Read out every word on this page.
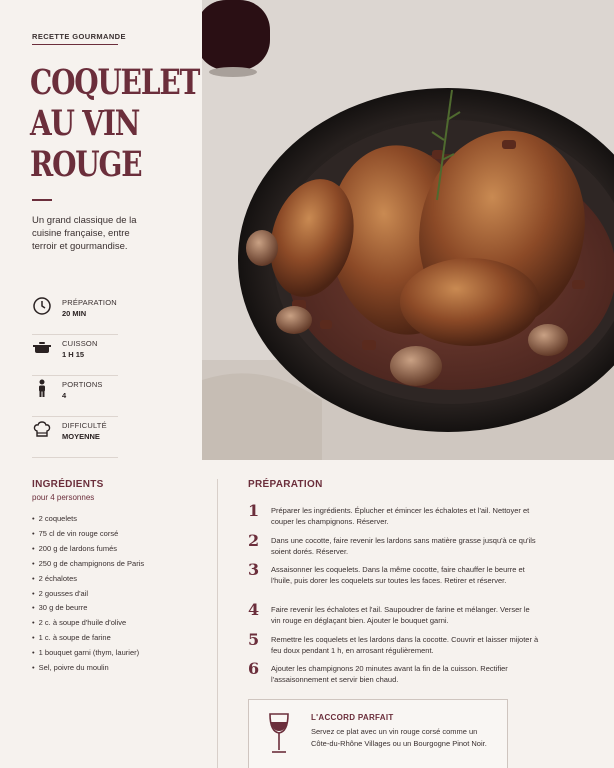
RECETTE GOURMANDE
COQUELET
AU VIN
ROUGE

Un grand classique de la cuisine française, entre terroir et gourmandise.

PRÉPARATION
20 MIN
CUISSON
1 H 15
PORTIONS
4
DIFFICULTÉ
MOYENNE
INGRÉDIENTS
pour 4 personnes
• 2 coquelets
• 75 cl de vin rouge corsé
• 200 g de lardons fumés
• 250 g de champignons de Paris
• 2 échalotes
• 2 gousses d'ail
• 30 g de beurre
• 2 c. à soupe d'huile d'olive
• 1 c. à soupe de farine
• 1 bouquet garni (thym, laurier)
• Sel, poivre du moulin
PRÉPARATION
1 Préparer les ingrédients. Éplucher et émincer les échalotes et l'ail. Nettoyer et couper les champignons. Réserver.

2 Dans une cocotte, faire revenir les lardons sans matière grasse jusqu'à ce qu'ils soient dorés. Réserver.

3 Assaisonner les coquelets. Dans la même cocotte, faire chauffer le beurre et l'huile, puis dorer les coquelets sur toutes les faces. Retirer et réserver.

4 Faire revenir les échalotes et l'ail. Saupoudrer de farine et mélanger. Verser le vin rouge en déglaçant bien. Ajouter le bouquet garni.

5 Remettre les coquelets et les lardons dans la cocotte. Couvrir et laisser mijoter à feu doux pendant 1 h, en arrosant régulièrement.

6 Ajouter les champignons 20 minutes avant la fin de la cuisson. Rectifier l'assaisonnement et servir bien chaud.

L'ACCORD PARFAIT

Servez ce plat avec un vin rouge corsé comme un Côte-du-Rhône Villages ou un Bourgogne Pinot Noir.
